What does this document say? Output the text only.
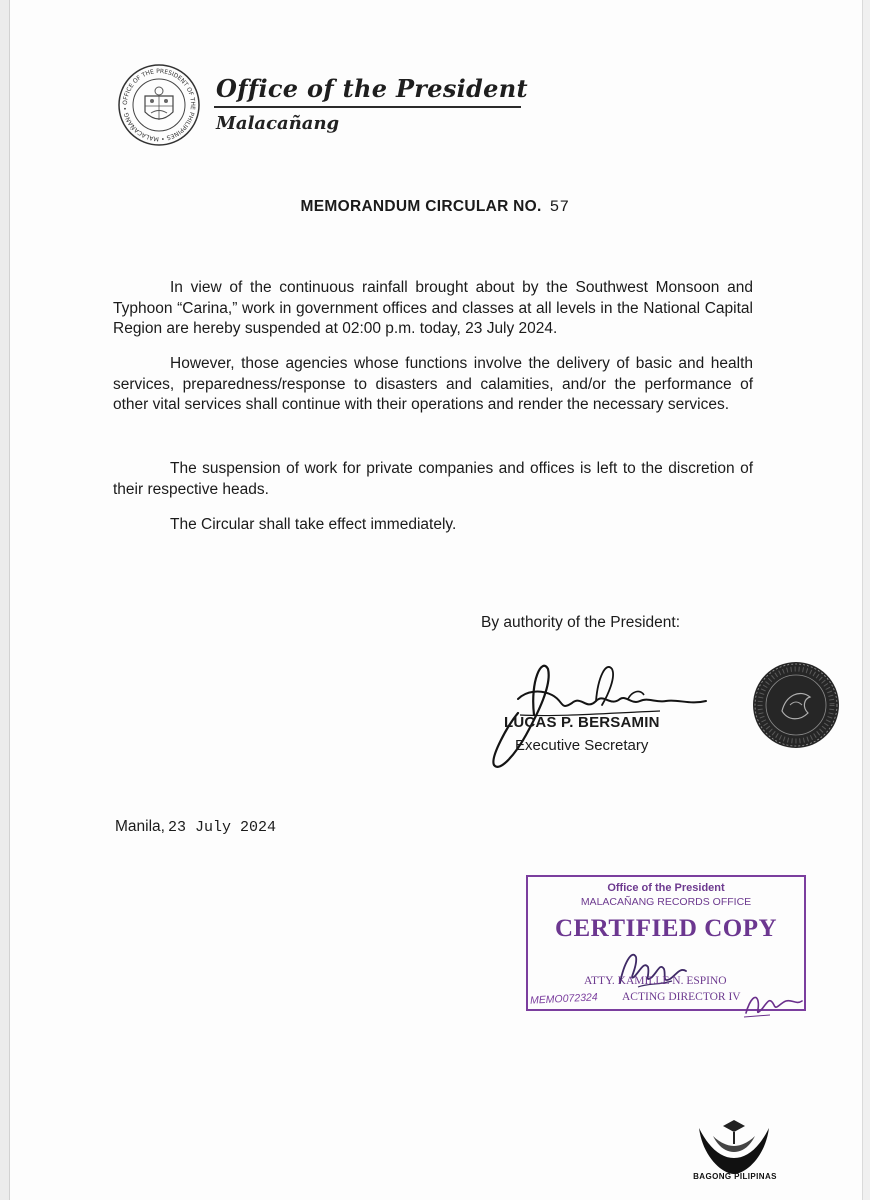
OFFICE OF THE PRESIDENT OF THE PHILIPPINES • MALACAÑANG •
Office of the President
Malacañang
MEMORANDUM CIRCULAR NO. 57

In view of the continuous rainfall brought about by the Southwest Monsoon and Typhoon “Carina,” work in government offices and classes at all levels in the National Capital Region are hereby suspended at 02:00 p.m. today, 23 July 2024.

However, those agencies whose functions involve the delivery of basic and health services, preparedness/response to disasters and calamities, and/or the performance of other vital services shall continue with their operations and render the necessary services.

The suspension of work for private companies and offices is left to the discretion of their respective heads.

The Circular shall take effect immediately.

By authority of the President:
LUCAS P. BERSAMIN
Executive Secretary
Manila, 23 July 2024
Office of the President
MALACAÑANG RECORDS OFFICE
CERTIFIED COPY
ATTY. KAMILLE N. ESPINO
ACTING DIRECTOR IV
MEMO072324
BAGONG PILIPINAS
